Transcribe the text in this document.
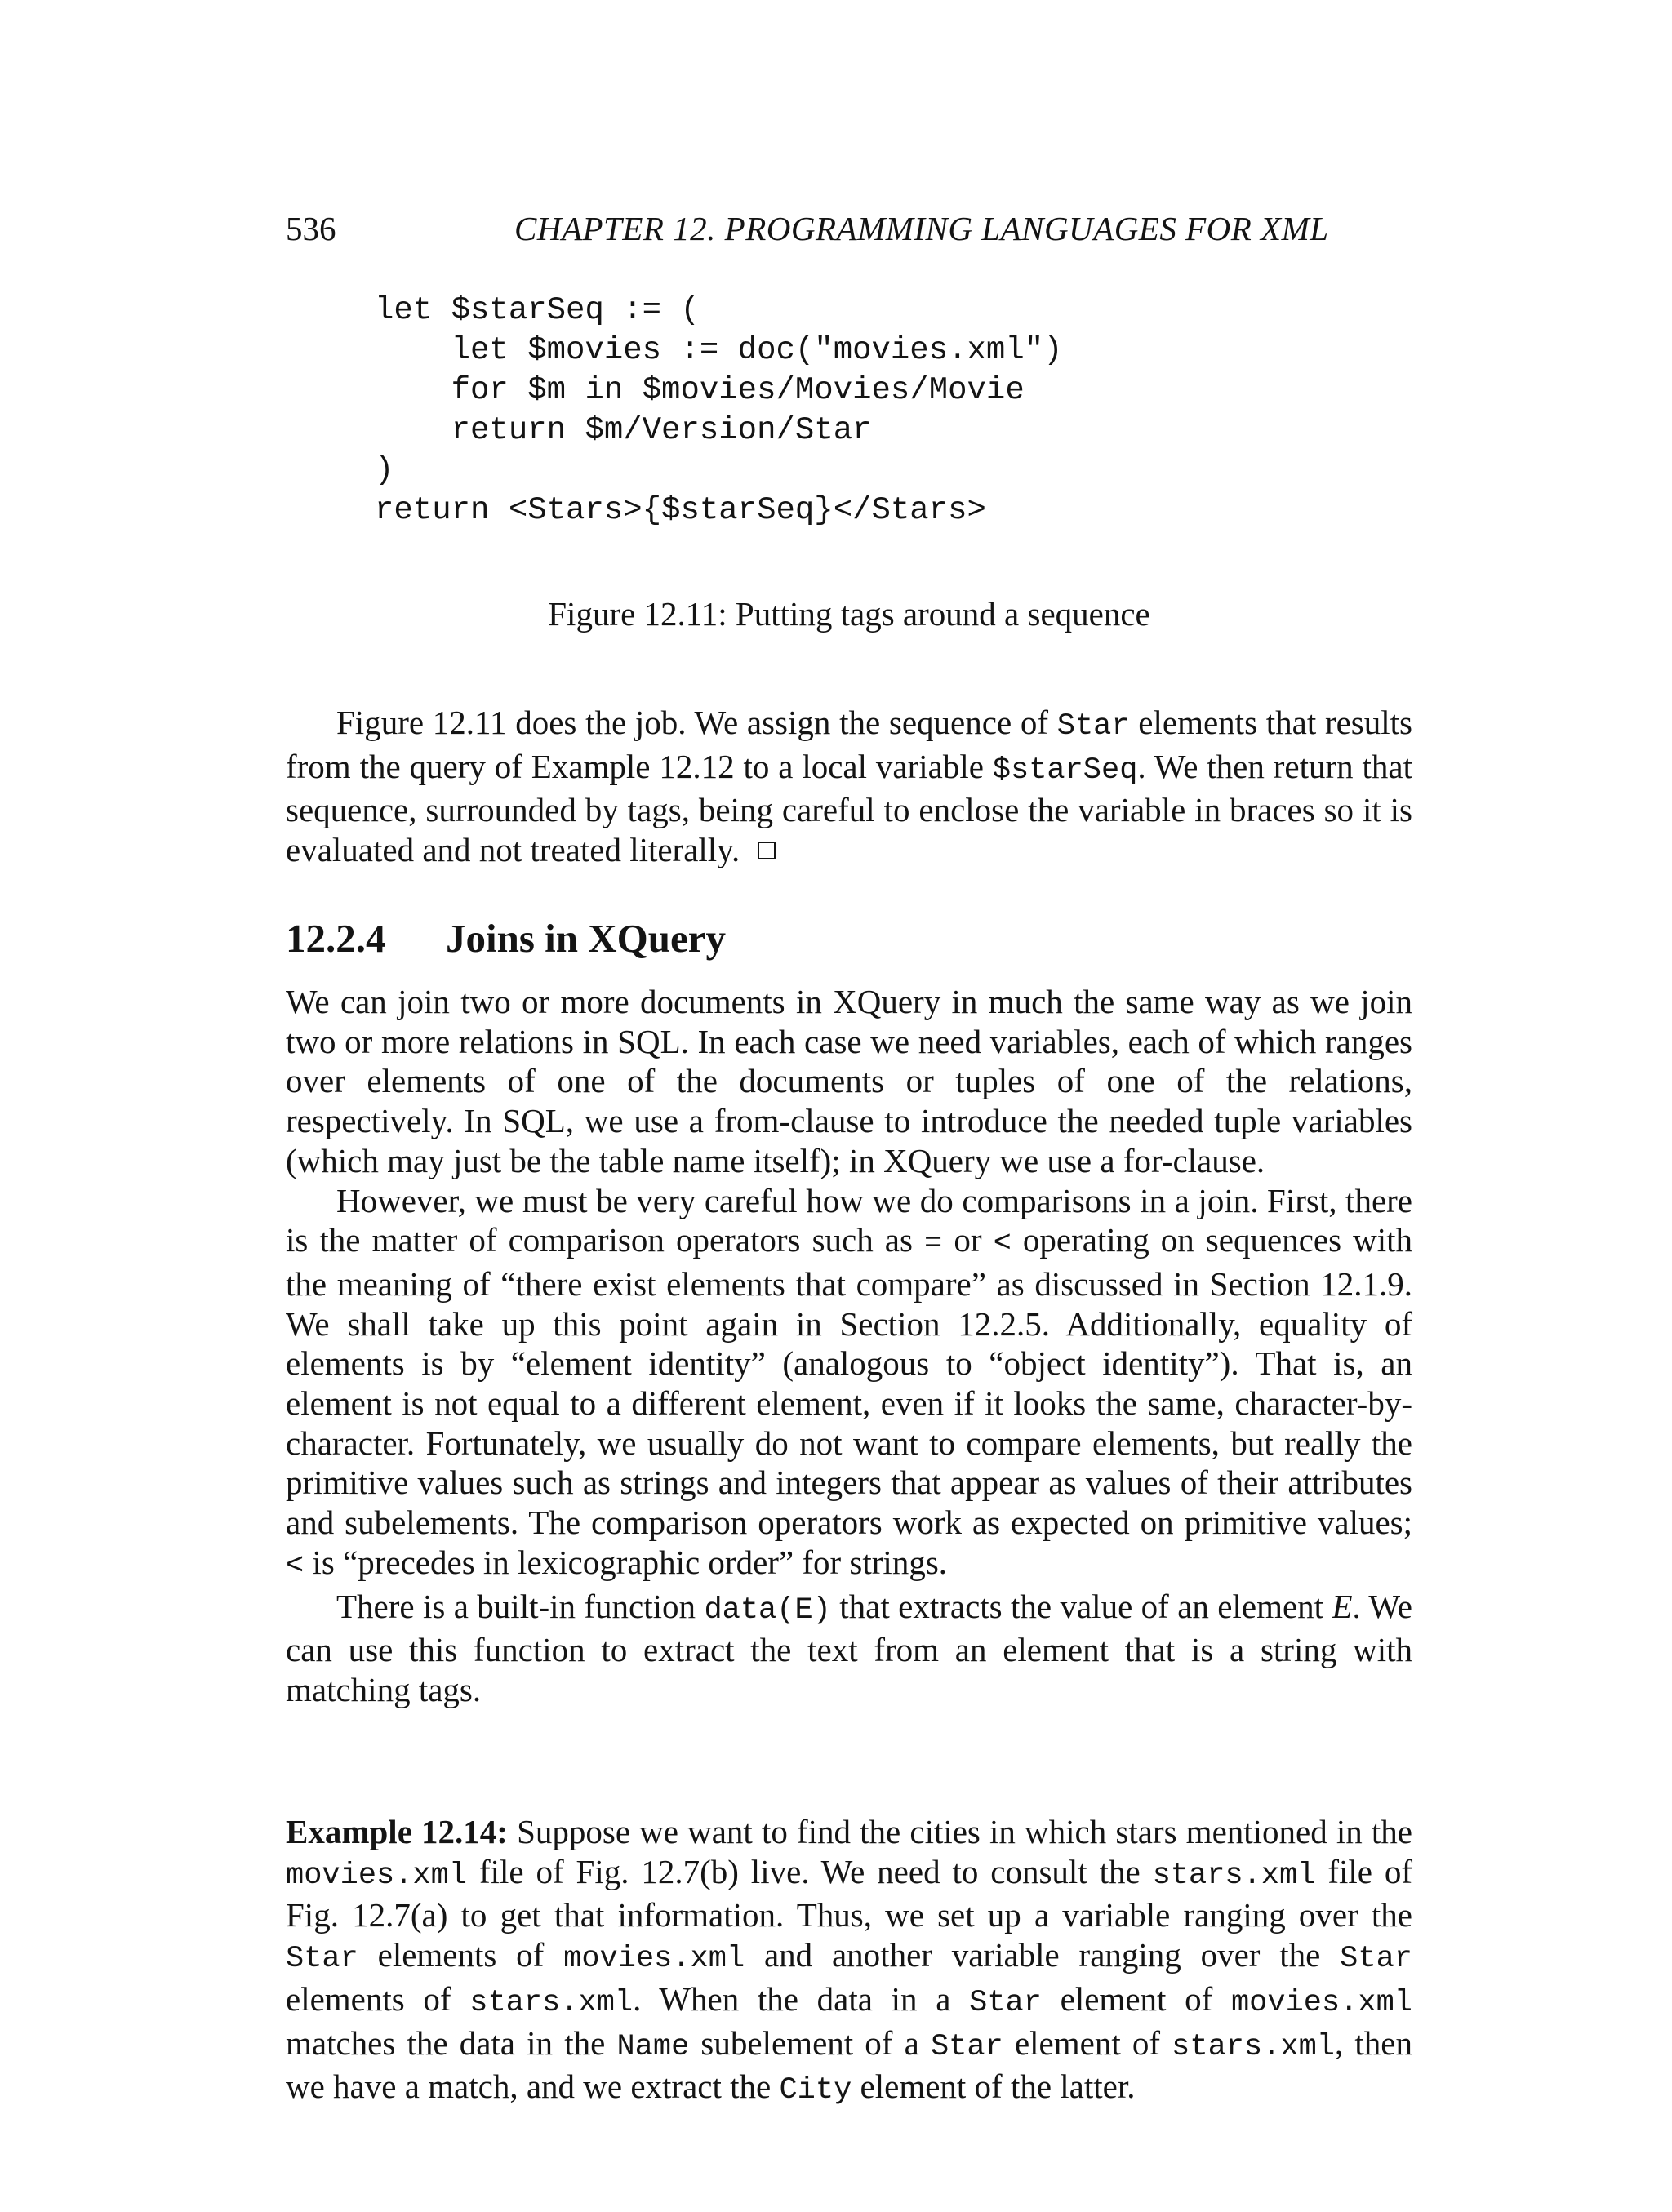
536	CHAPTER 12. PROGRAMMING LANGUAGES FOR XML
let $starSeq := (
let $movies := doc("movies.xml")
for $m in $movies/Movies/Movie
return $m/Version/Star
)
return <Stars>{$starSeq}</Stars>
Figure 12.11: Putting tags around a sequence

Figure 12.11 does the job. We assign the sequence of Star elements that results from the query of Example 12.12 to a local variable $starSeq. We then return that sequence, surrounded by tags, being careful to enclose the variable in braces so it is evaluated and not treated literally.

12.2.4 Joins in XQuery

We can join two or more documents in XQuery in much the same way as we join two or more relations in SQL. In each case we need variables, each of which ranges over elements of one of the documents or tuples of one of the relations, respectively. In SQL, we use a from-clause to introduce the needed tuple variables (which may just be the table name itself); in XQuery we use a for-clause.

However, we must be very careful how we do comparisons in a join. First, there is the matter of comparison operators such as = or < operating on sequences with the meaning of “there exist elements that compare” as discussed in Section 12.1.9. We shall take up this point again in Section 12.2.5. Additionally, equality of elements is by “element identity” (analogous to “object identity”). That is, an element is not equal to a different element, even if it looks the same, character-by-character. Fortunately, we usually do not want to compare elements, but really the primitive values such as strings and integers that appear as values of their attributes and subelements. The comparison operators work as expected on primitive values; < is “precedes in lexicographic order” for strings.

There is a built-in function data(E) that extracts the value of an element E. We can use this function to extract the text from an element that is a string with matching tags.

Example 12.14: Suppose we want to find the cities in which stars mentioned in the movies.xml file of Fig. 12.7(b) live. We need to consult the stars.xml file of Fig. 12.7(a) to get that information. Thus, we set up a variable ranging over the Star elements of movies.xml and another variable ranging over the Star elements of stars.xml. When the data in a Star element of movies.xml matches the data in the Name subelement of a Star element of stars.xml, then we have a match, and we extract the City element of the latter.
